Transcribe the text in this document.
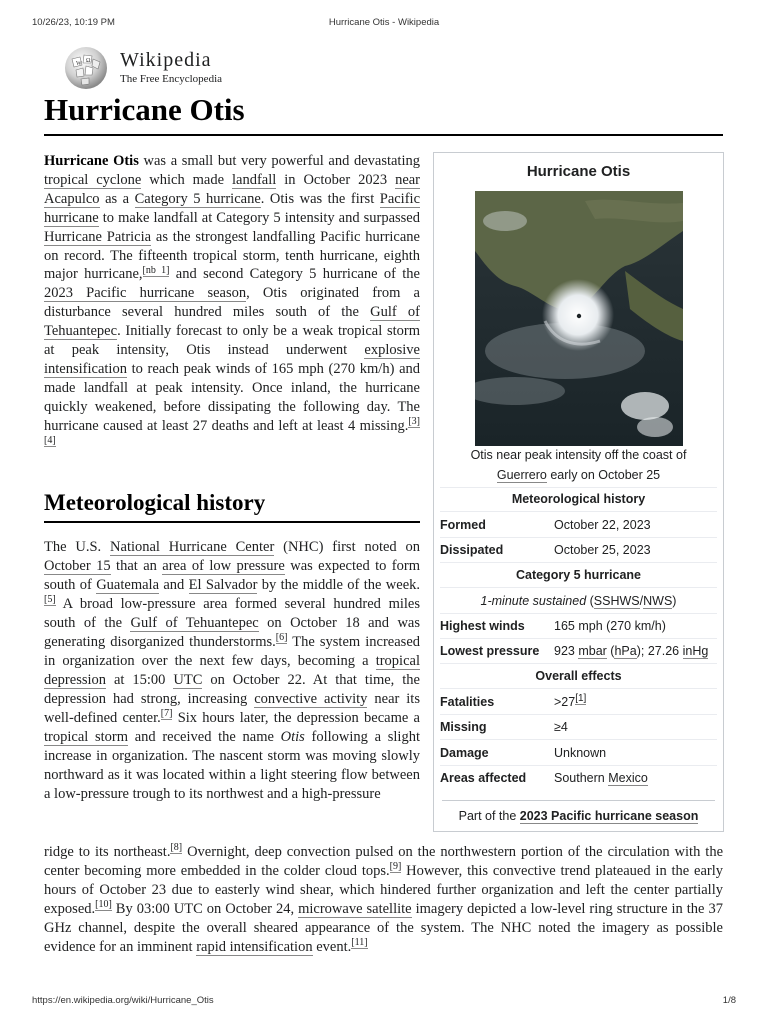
10/26/23, 10:19 PM	Hurricane Otis - Wikipedia
W Ω Wikipedia
The Free Encyclopedia
Hurricane Otis

Hurricane Otis was a small but very powerful and devastating tropical cyclone which made landfall in October 2023 near Acapulco as a Category 5 hurricane. Otis was the first Pacific hurricane to make landfall at Category 5 intensity and surpassed Hurricane Patricia as the strongest landfalling Pacific hurricane on record. The fifteenth tropical storm, tenth hurricane, eighth major hurricane,[nb 1] and second Category 5 hurricane of the 2023 Pacific hurricane season, Otis originated from a disturbance several hundred miles south of the Gulf of Tehuantepec. Initially forecast to only be a weak tropical storm at peak intensity, Otis instead underwent explosive intensification to reach peak winds of 165 mph (270 km/h) and made landfall at peak intensity. Once inland, the hurricane quickly weakened, before dissipating the following day. The hurricane caused at least 27 deaths and left at least 4 missing.[3][4]

Meteorological history

The U.S. National Hurricane Center (NHC) first noted on October 15 that an area of low pressure was expected to form south of Guatemala and El Salvador by the middle of the week.[5] A broad low-pressure area formed several hundred miles south of the Gulf of Tehuantepec on October 18 and was generating disorganized thunderstorms.[6] The system increased in organization over the next few days, becoming a tropical depression at 15:00 UTC on October 22. At that time, the depression had strong, increasing convective activity near its well-defined center.[7] Six hours later, the depression became a tropical storm and received the name Otis following a slight increase in organization. The nascent storm was moving slowly northward as it was located within a light steering flow between a low-pressure trough to its northwest and a high-pressure

ridge to its northeast.[8] Overnight, deep convection pulsed on the northwestern portion of the circulation with the center becoming more embedded in the colder cloud tops.[9] However, this convective trend plateaued in the early hours of October 23 due to easterly wind shear, which hindered further organization and left the center partially exposed.[10] By 03:00 UTC on October 24, microwave satellite imagery depicted a low-level ring structure in the 37 GHz channel, despite the overall sheared appearance of the system. The NHC noted the imagery as possible evidence for an imminent rapid intensification event.[11]

Hurricane Otis
Otis near peak intensity off the coast of Guerrero early on October 25
Meteorological history
Formed	October 22, 2023
Dissipated	October 25, 2023
Category 5 hurricane
1-minute sustained (SSHWS/NWS)
Highest winds 165 mph (270 km/h)
Lowest pressure 923 mbar (hPa); 27.26 inHg
Overall effects
Fatalities	>27[1]
Missing	≥4
Damage	Unknown
Areas affected Southern Mexico
Part of the 2023 Pacific hurricane season
https://en.wikipedia.org/wiki/Hurricane_Otis	1/8
